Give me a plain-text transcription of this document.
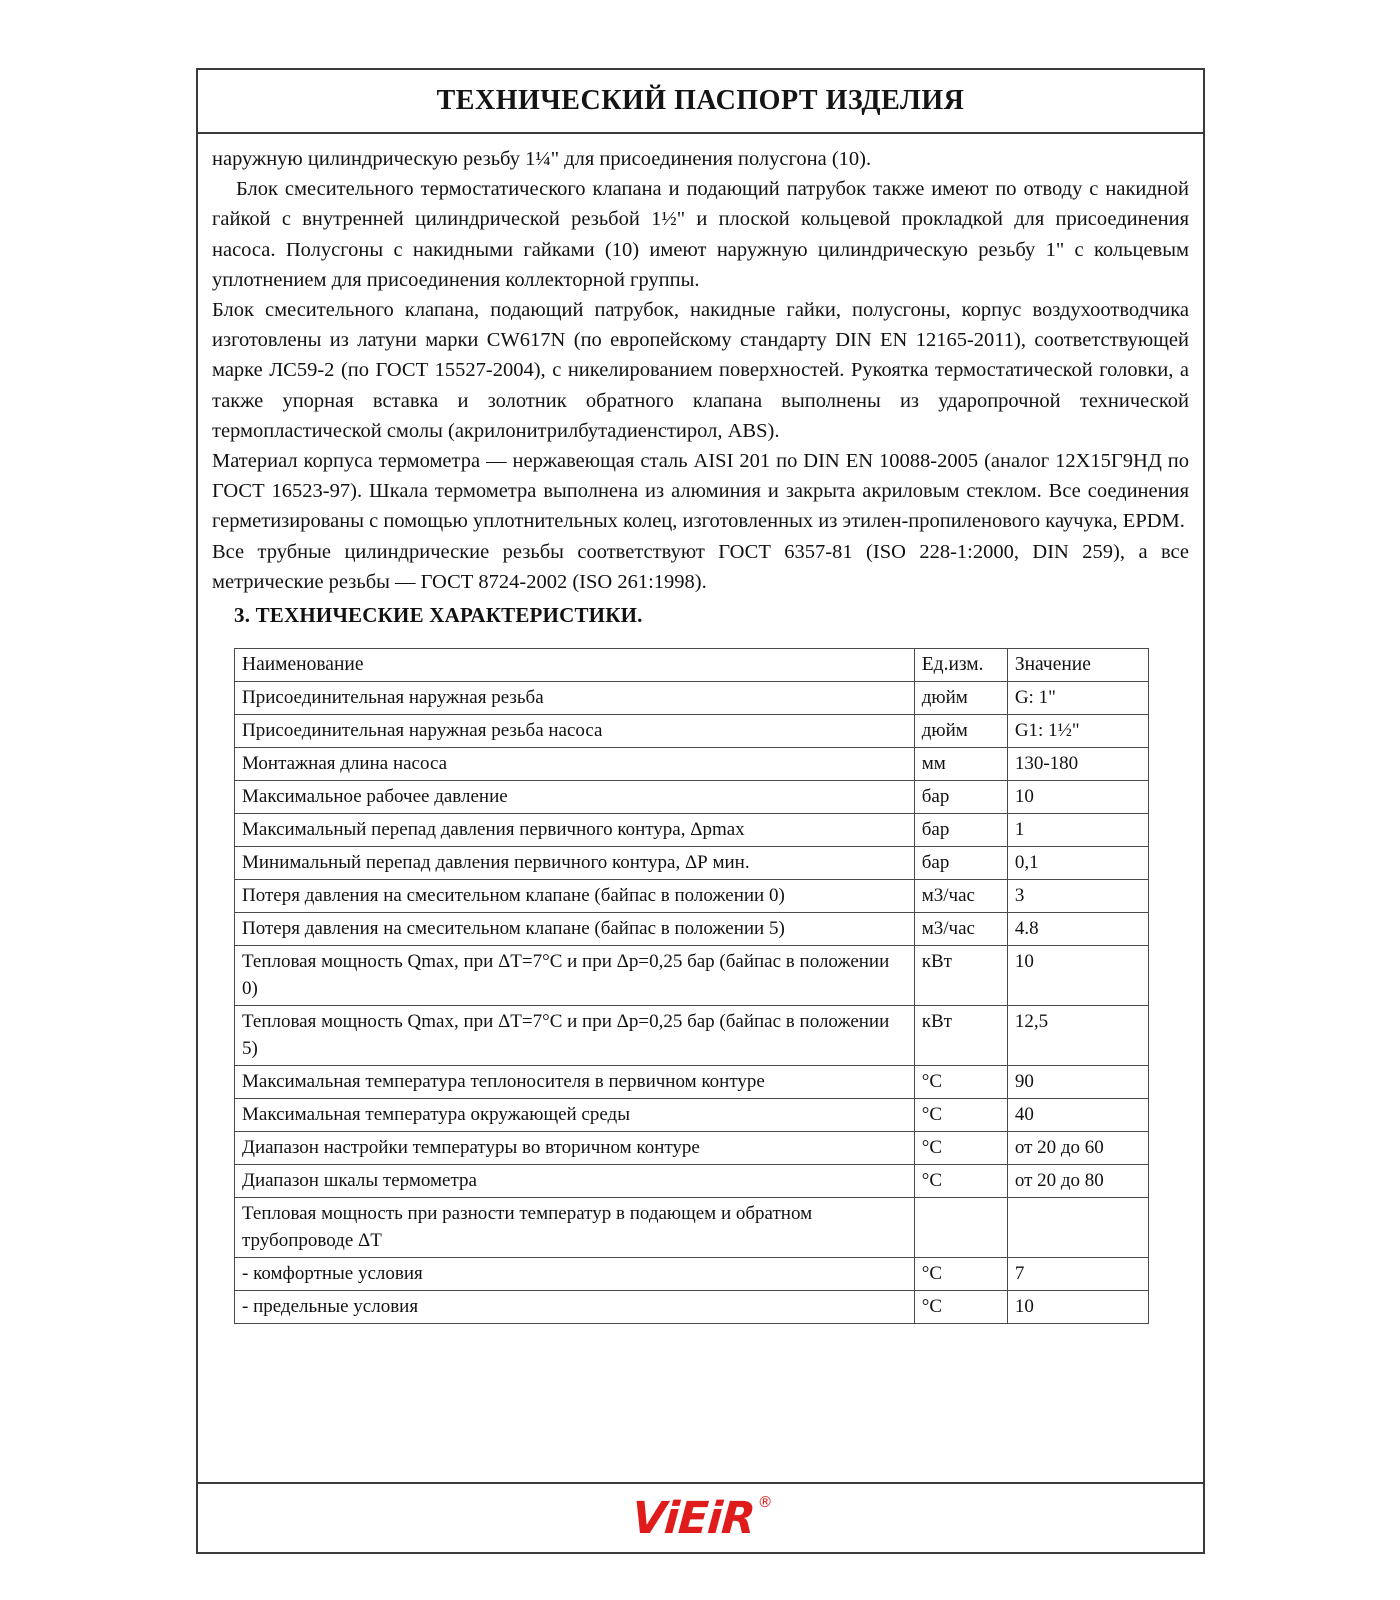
ТЕХНИЧЕСКИЙ ПАСПОРТ ИЗДЕЛИЯ

наружную цилиндрическую резьбу 1¼" для присоединения полусгона (10).

Блок смесительного термостатического клапана и подающий патрубок также имеют по отводу с накидной гайкой с внутренней цилиндрической резьбой 1½" и плоской кольцевой прокладкой для присоединения насоса. Полусгоны с накидными гайками (10) имеют наружную цилиндрическую резьбу 1" с кольцевым уплотнением для присоединения коллекторной группы.

Блок смесительного клапана, подающий патрубок, накидные гайки, полусгоны, корпус воздухоотводчика изготовлены из латуни марки CW617N (по европейскому стандарту DIN EN 12165-2011), соответствующей марке ЛС59-2 (по ГОСТ 15527-2004), с никелированием поверхностей. Рукоятка термостатической головки, а также упорная вставка и золотник обратного клапана выполнены из ударопрочной технической термопластической смолы (акрилонитрилбутадиенстирол, ABS).

Материал корпуса термометра — нержавеющая сталь AISI 201 по DIN EN 10088-2005 (аналог 12Х15Г9НД по ГОСТ 16523-97). Шкала термометра выполнена из алюминия и закрыта акриловым стеклом. Все соединения герметизированы с помощью уплотнительных колец, изготовленных из этилен-пропиленового каучука, EPDM.

Все трубные цилиндрические резьбы соответствуют ГОСТ 6357-81 (ISO 228-1:2000, DIN 259), а все метрические резьбы — ГОСТ 8724-2002 (ISO 261:1998).

3. ТЕХНИЧЕСКИЕ ХАРАКТЕРИСТИКИ.
Наименование	Ед.изм.	Значение
Присоединительная наружная резьба	дюйм	G: 1"
Присоединительная наружная резьба насоса	дюйм	G1: 1½"
Монтажная длина насоса	мм	130-180
Максимальное рабочее давление	бар	10
Максимальный перепад давления первичного контура, Δpmax	бар	1
Минимальный перепад давления первичного контура, ΔР мин.	бар	0,1
Потеря давления на смесительном клапане (байпас в положении 0)	м3/час	3
Потеря давления на смесительном клапане (байпас в положении 5)	м3/час	4.8
Тепловая мощность Qmax, при ΔТ=7°С и при Δр=0,25 бар (байпас в положении 0)	кВт	10
Тепловая мощность Qmax, при ΔТ=7°С и при Δр=0,25 бар (байпас в положении 5)	кВт	12,5
Максимальная температура теплоносителя в первичном контуре	°С	90
Максимальная температура окружающей среды	°С	40
Диапазон настройки температуры во вторичном контуре	°С	от 20 до 60
Диапазон шкалы термометра	°С	от 20 до 80
Тепловая мощность при разности температур в подающем и обратном трубопроводе ΔТ		
- комфортные условия	°С	7
- предельные условия	°С	10
ViEiR®
